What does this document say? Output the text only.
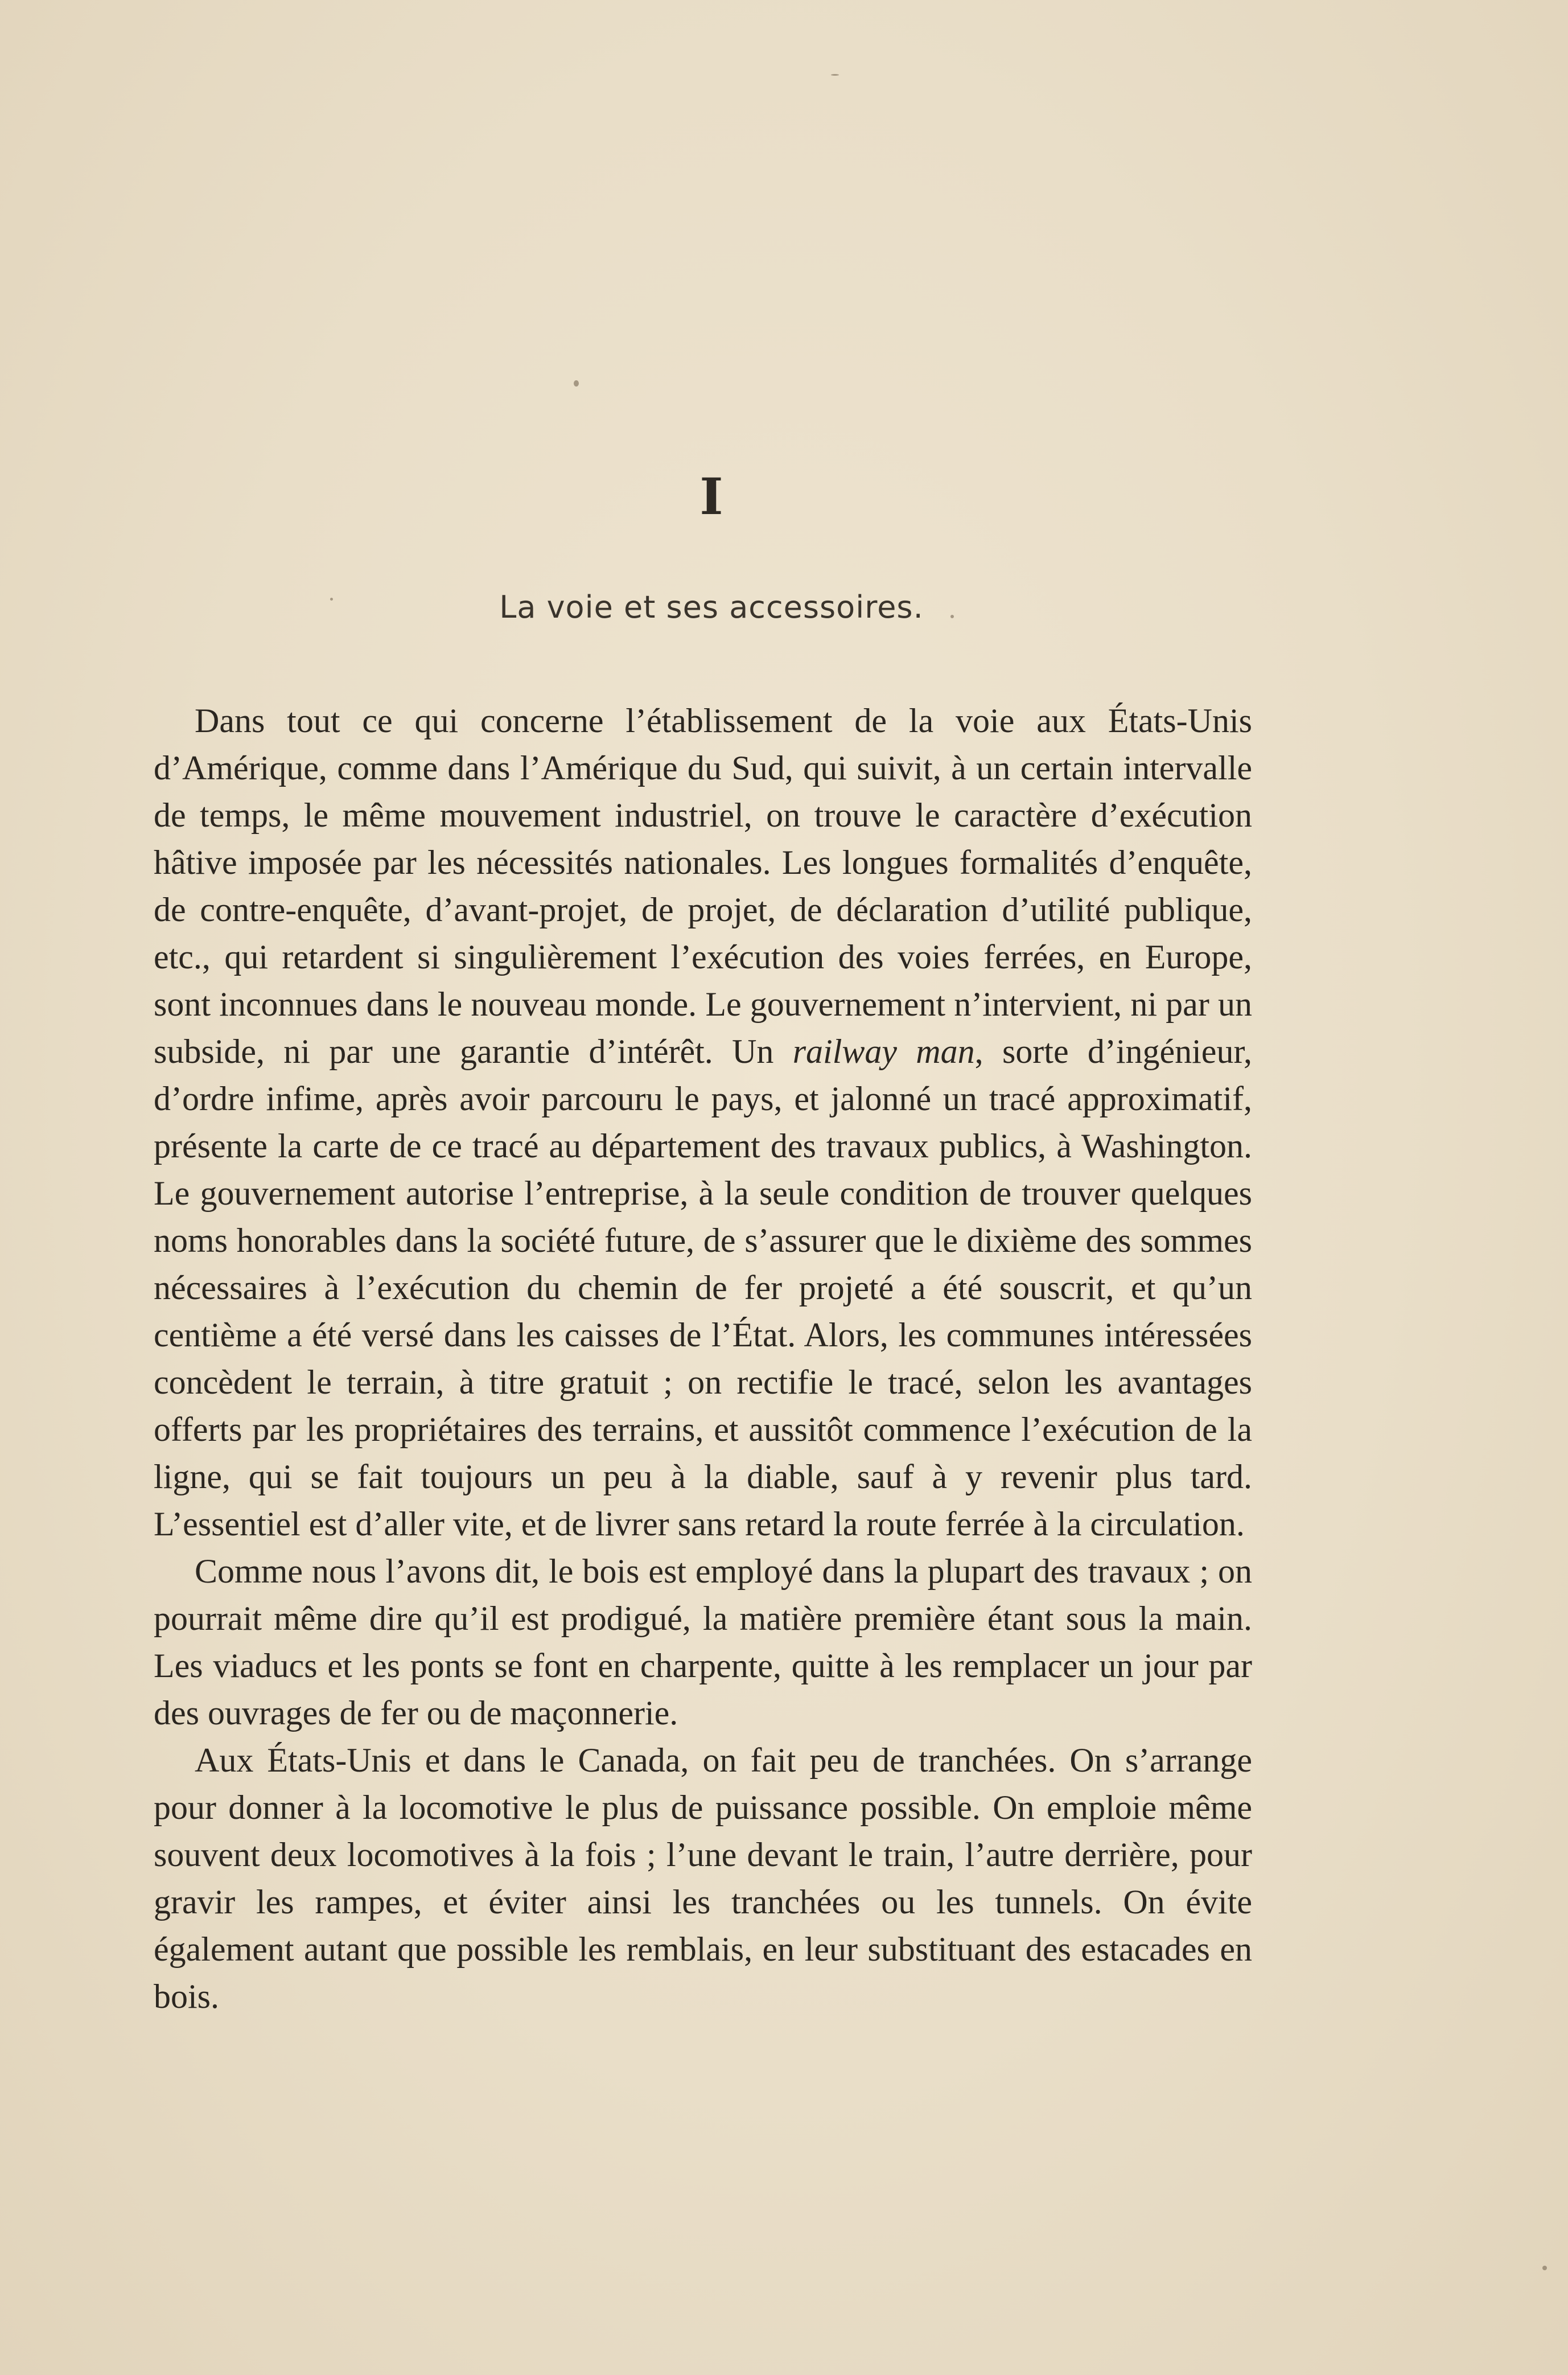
I
La voie et ses accessoires.

Dans tout ce qui concerne l’établissement de la voie aux États-Unis d’Amérique, comme dans l’Amérique du Sud, qui suivit, à un certain intervalle de temps, le même mouvement industriel, on trouve le caractère d’exécution hâtive imposée par les nécessités nationales. Les longues formalités d’enquête, de contre-enquête, d’avant-projet, de projet, de déclaration d’utilité publique, etc., qui retardent si singulièrement l’exécution des voies ferrées, en Europe, sont inconnues dans le nouveau monde. Le gouvernement n’intervient, ni par un subside, ni par une garantie d’intérêt. Un railway man, sorte d’ingénieur, d’ordre infime, après avoir parcouru le pays, et jalonné un tracé approximatif, présente la carte de ce tracé au département des travaux publics, à Washington. Le gouvernement autorise l’entreprise, à la seule condition de trouver quelques noms honorables dans la société future, de s’assurer que le dixième des sommes nécessaires à l’exécution du chemin de fer projeté a été souscrit, et qu’un centième a été versé dans les caisses de l’État. Alors, les communes intéressées concèdent le terrain, à titre gratuit ; on rectifie le tracé, selon les avantages offerts par les propriétaires des terrains, et aussitôt commence l’exécution de la ligne, qui se fait toujours un peu à la diable, sauf à y revenir plus tard. L’essentiel est d’aller vite, et de livrer sans retard la route ferrée à la circulation.

Comme nous l’avons dit, le bois est employé dans la plupart des travaux ; on pourrait même dire qu’il est prodigué, la matière première étant sous la main. Les viaducs et les ponts se font en charpente, quitte à les remplacer un jour par des ouvrages de fer ou de maçonnerie.

Aux États-Unis et dans le Canada, on fait peu de tranchées. On s’arrange pour donner à la locomotive le plus de puissance possible. On emploie même souvent deux locomotives à la fois ; l’une devant le train, l’autre derrière, pour gravir les rampes, et éviter ainsi les tranchées ou les tunnels. On évite également autant que possible les remblais, en leur substituant des estacades en bois.
